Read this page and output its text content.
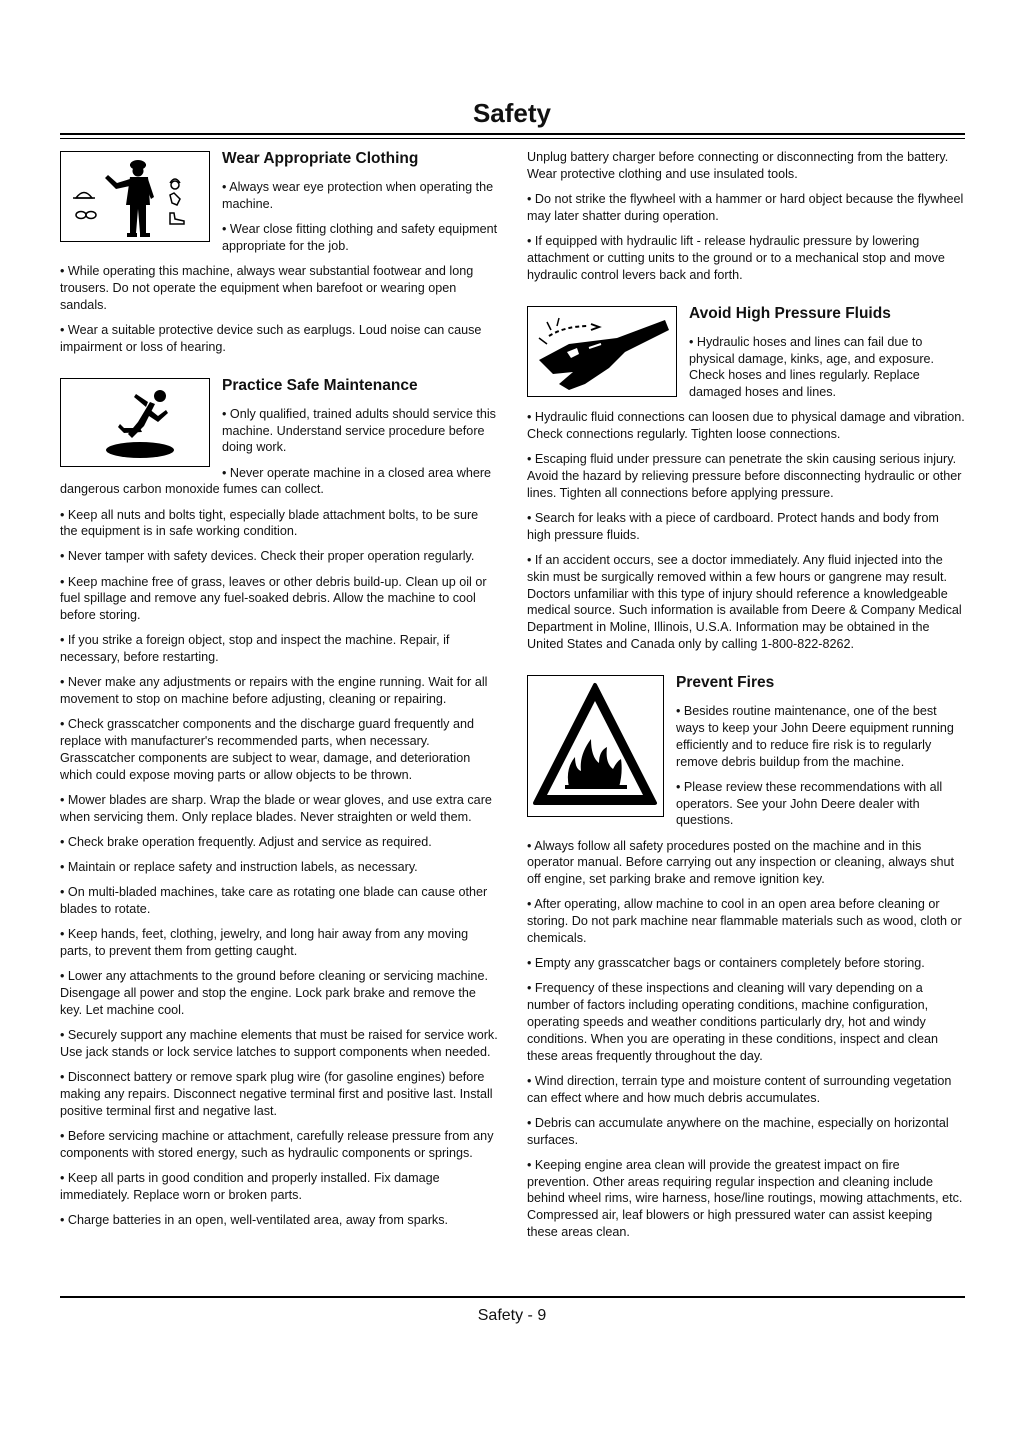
Safety
Wear Appropriate Clothing

• Always wear eye protection when operating the machine.

• Wear close fitting clothing and safety equipment appropriate for the job.

• While operating this machine, always wear substantial footwear and long trousers. Do not operate the equipment when barefoot or wearing open sandals.

• Wear a suitable protective device such as earplugs. Loud noise can cause impairment or loss of hearing.

Practice Safe Maintenance

• Only qualified, trained adults should service this machine. Understand service procedure before doing work.

• Never operate machine in a closed area where dangerous carbon monoxide fumes can collect.

• Keep all nuts and bolts tight, especially blade attachment bolts, to be sure the equipment is in safe working condition.

• Never tamper with safety devices. Check their proper operation regularly.

• Keep machine free of grass, leaves or other debris build-up. Clean up oil or fuel spillage and remove any fuel-soaked debris. Allow the machine to cool before storing.

• If you strike a foreign object, stop and inspect the machine. Repair, if necessary, before restarting.

• Never make any adjustments or repairs with the engine running. Wait for all movement to stop on machine before adjusting, cleaning or repairing.

• Check grasscatcher components and the discharge guard frequently and replace with manufacturer's recommended parts, when necessary. Grasscatcher components are subject to wear, damage, and deterioration which could expose moving parts or allow objects to be thrown.

• Mower blades are sharp. Wrap the blade or wear gloves, and use extra care when servicing them. Only replace blades. Never straighten or weld them.

• Check brake operation frequently. Adjust and service as required.

• Maintain or replace safety and instruction labels, as necessary.

• On multi-bladed machines, take care as rotating one blade can cause other blades to rotate.

• Keep hands, feet, clothing, jewelry, and long hair away from any moving parts, to prevent them from getting caught.

• Lower any attachments to the ground before cleaning or servicing machine. Disengage all power and stop the engine. Lock park brake and remove the key. Let machine cool.

• Securely support any machine elements that must be raised for service work. Use jack stands or lock service latches to support components when needed.

• Disconnect battery or remove spark plug wire (for gasoline engines) before making any repairs. Disconnect negative terminal first and positive last. Install positive terminal first and negative last.

• Before servicing machine or attachment, carefully release pressure from any components with stored energy, such as hydraulic components or springs.

• Keep all parts in good condition and properly installed. Fix damage immediately. Replace worn or broken parts.

• Charge batteries in an open, well-ventilated area, away from sparks.

Unplug battery charger before connecting or disconnecting from the battery. Wear protective clothing and use insulated tools.

• Do not strike the flywheel with a hammer or hard object because the flywheel may later shatter during operation.

• If equipped with hydraulic lift - release hydraulic pressure by lowering attachment or cutting units to the ground or to a mechanical stop and move hydraulic control levers back and forth.

Avoid High Pressure Fluids

• Hydraulic hoses and lines can fail due to physical damage, kinks, age, and exposure. Check hoses and lines regularly. Replace damaged hoses and lines.

• Hydraulic fluid connections can loosen due to physical damage and vibration. Check connections regularly. Tighten loose connections.

• Escaping fluid under pressure can penetrate the skin causing serious injury. Avoid the hazard by relieving pressure before disconnecting hydraulic or other lines. Tighten all connections before applying pressure.

• Search for leaks with a piece of cardboard. Protect hands and body from high pressure fluids.

• If an accident occurs, see a doctor immediately. Any fluid injected into the skin must be surgically removed within a few hours or gangrene may result. Doctors unfamiliar with this type of injury should reference a knowledgeable medical source. Such information is available from Deere & Company Medical Department in Moline, Illinois, U.S.A. Information may be obtained in the United States and Canada only by calling 1-800-822-8262.

Prevent Fires

• Besides routine maintenance, one of the best ways to keep your John Deere equipment running efficiently and to reduce fire risk is to regularly remove debris buildup from the machine.

• Please review these recommendations with all operators. See your John Deere dealer with questions.

• Always follow all safety procedures posted on the machine and in this operator manual. Before carrying out any inspection or cleaning, always shut off engine, set parking brake and remove ignition key.

• After operating, allow machine to cool in an open area before cleaning or storing. Do not park machine near flammable materials such as wood, cloth or chemicals.

• Empty any grasscatcher bags or containers completely before storing.

• Frequency of these inspections and cleaning will vary depending on a number of factors including operating conditions, machine configuration, operating speeds and weather conditions particularly dry, hot and windy conditions. When you are operating in these conditions, inspect and clean these areas frequently throughout the day.

• Wind direction, terrain type and moisture content of surrounding vegetation can effect where and how much debris accumulates.

• Debris can accumulate anywhere on the machine, especially on horizontal surfaces.

• Keeping engine area clean will provide the greatest impact on fire prevention. Other areas requiring regular inspection and cleaning include behind wheel rims, wire harness, hose/line routings, mowing attachments, etc. Compressed air, leaf blowers or high pressured water can assist keeping these areas clean.

Safety - 9
